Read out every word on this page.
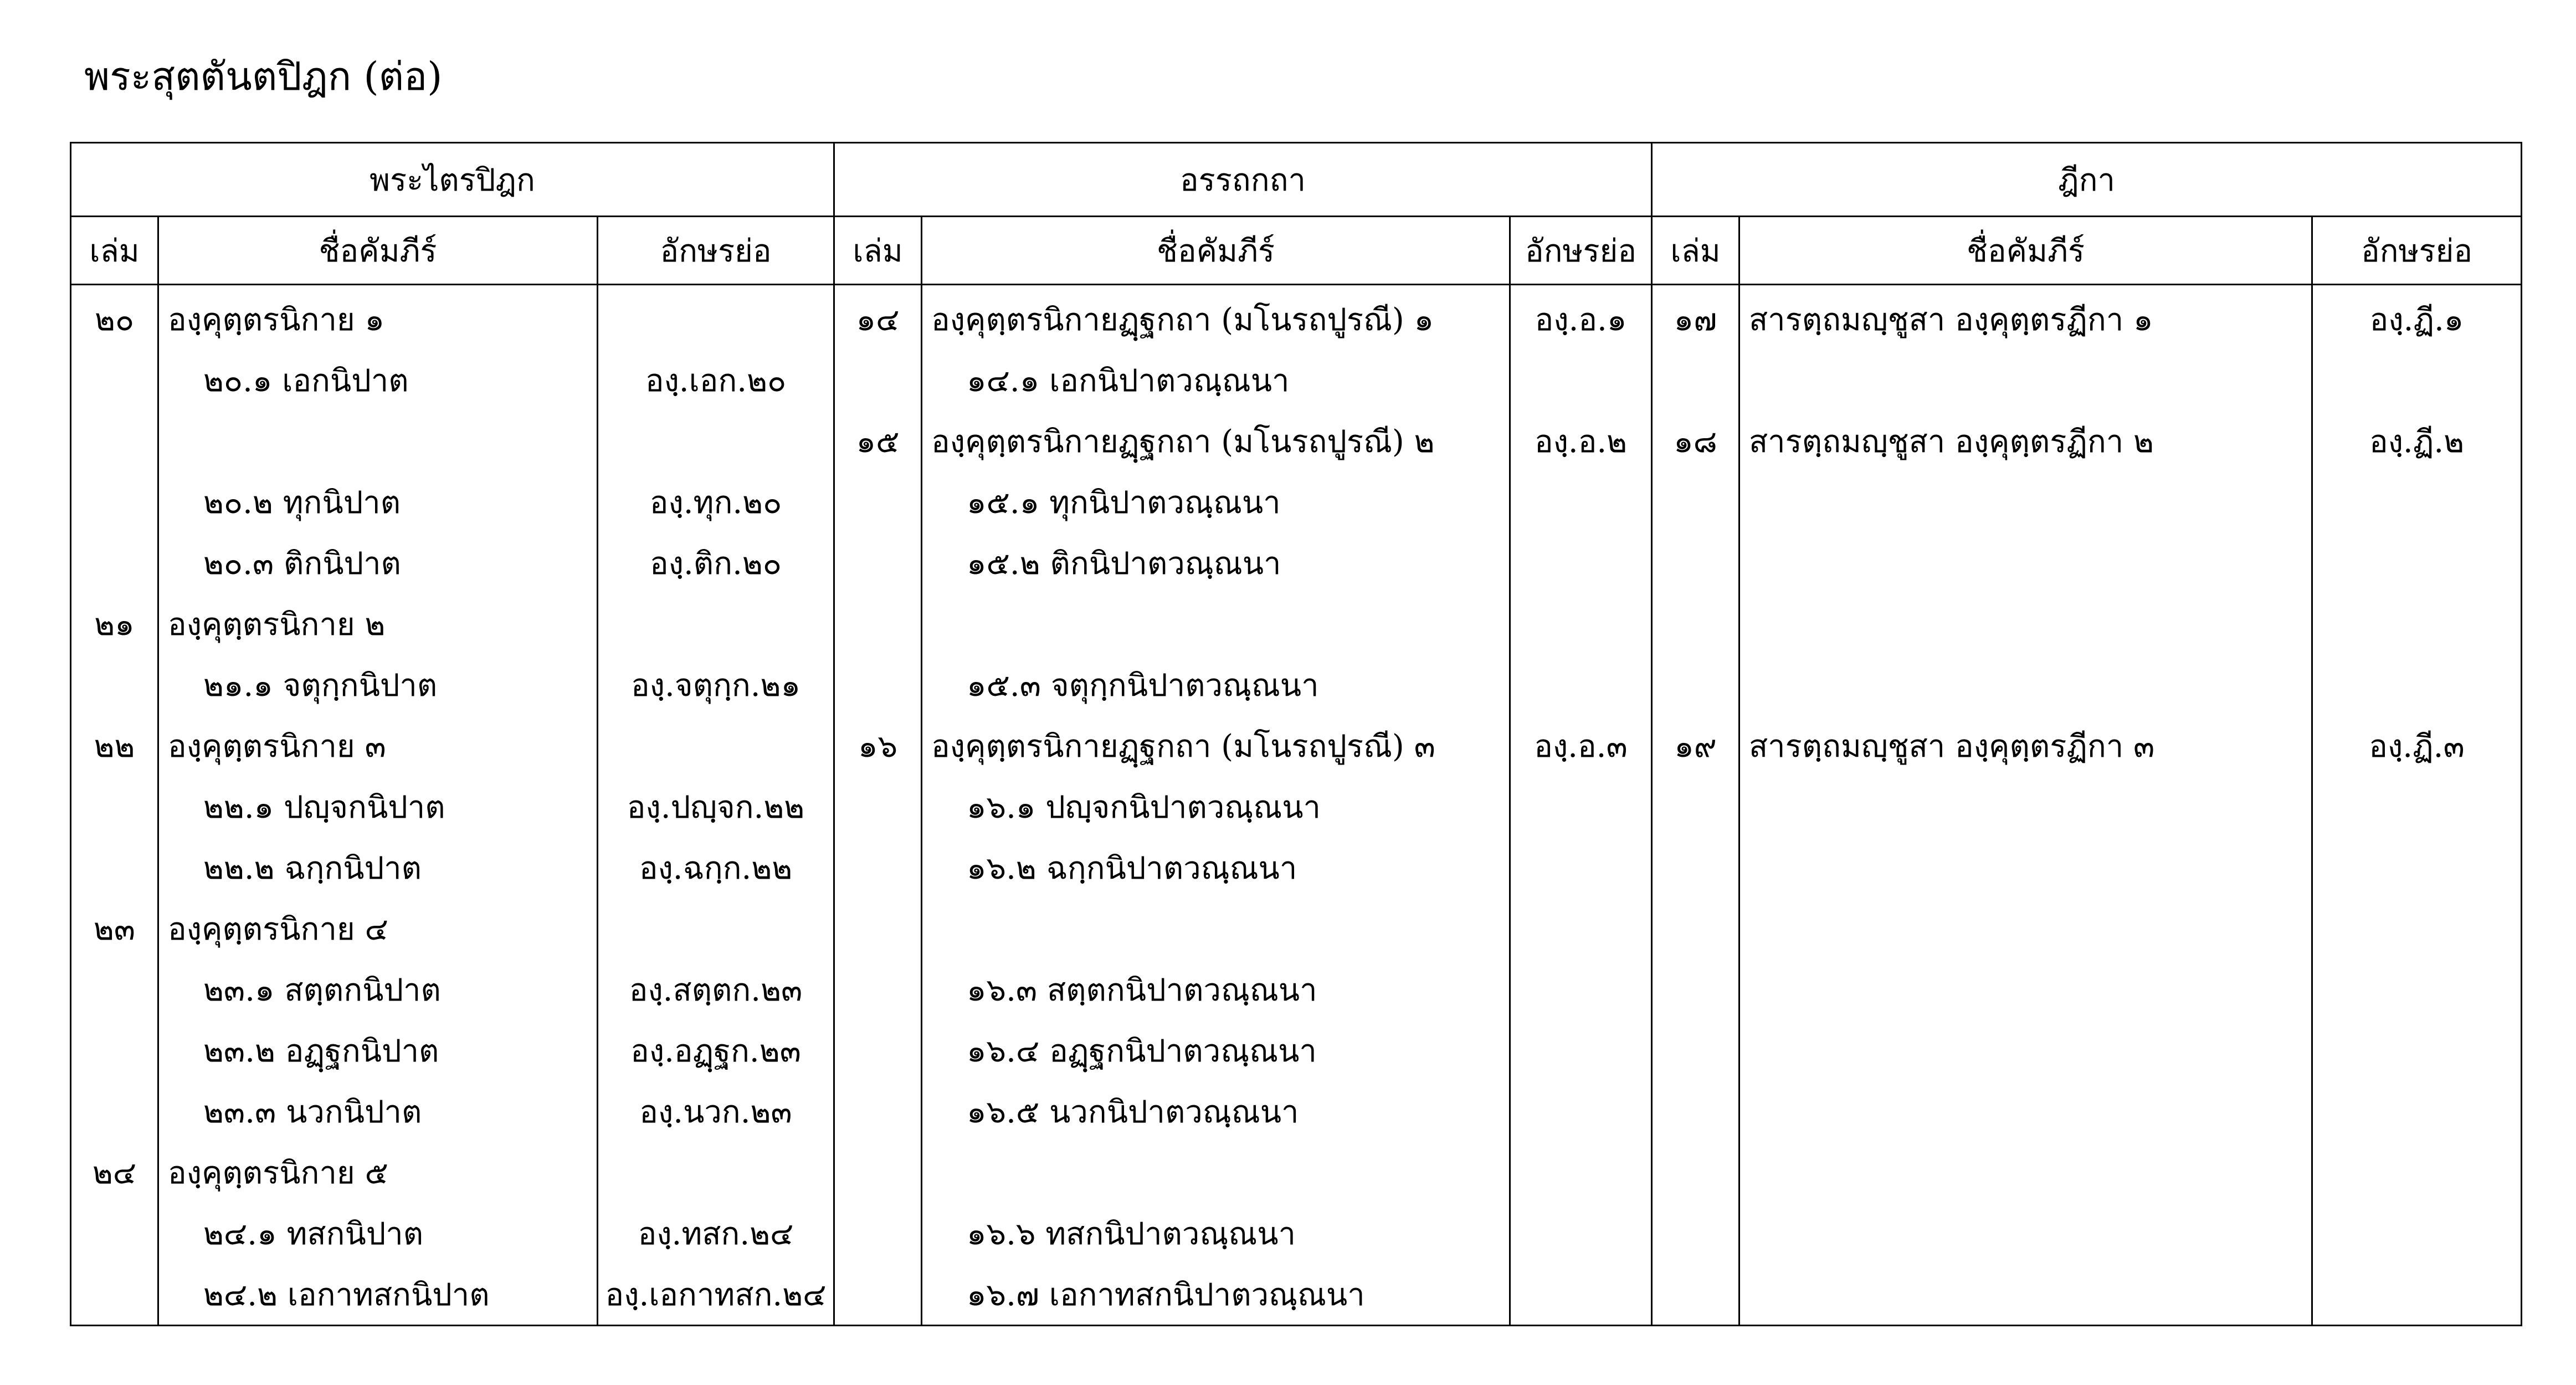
พระสุตตันตปิฎก (ต่อ)
พระไตรปิฎก			อรรถกถา			ฎีกา		
เล่ม	ชื่อคัมภีร์	อักษรย่อ	เล่ม	ชื่อคัมภีร์	อักษรย่อ	เล่ม	ชื่อคัมภีร์	อักษรย่อ
๒๐	องฺคุตฺตรนิกาย ๑		๑๔	องฺคุตฺตรนิกายฏฺฐกถา (มโนรถปูรณี) ๑	องฺ.อ.๑	๑๗	สารตฺถมญฺชูสา องฺคุตฺตรฏีกา ๑	องฺ.ฏี.๑
	๒๐.๑ เอกนิปาต	องฺ.เอก.๒๐		๑๔.๑ เอกนิปาตวณฺณนา				
			๑๕	องฺคุตฺตรนิกายฏฺฐกถา (มโนรถปูรณี) ๒	องฺ.อ.๒	๑๘	สารตฺถมญฺชูสา องฺคุตฺตรฏีกา ๒	องฺ.ฏี.๒
	๒๐.๒ ทุกนิปาต	องฺ.ทุก.๒๐		๑๕.๑ ทุกนิปาตวณฺณนา				
	๒๐.๓ ติกนิปาต	องฺ.ติก.๒๐		๑๕.๒ ติกนิปาตวณฺณนา				
๒๑	องฺคุตฺตรนิกาย ๒							
	๒๑.๑ จตุกฺกนิปาต	องฺ.จตุกฺก.๒๑		๑๕.๓ จตุกฺกนิปาตวณฺณนา				
๒๒	องฺคุตฺตรนิกาย ๓		๑๖	องฺคุตฺตรนิกายฏฺฐกถา (มโนรถปูรณี) ๓	องฺ.อ.๓	๑๙	สารตฺถมญฺชูสา องฺคุตฺตรฏีกา ๓	องฺ.ฏี.๓
	๒๒.๑ ปญฺจกนิปาต	องฺ.ปญฺจก.๒๒		๑๖.๑ ปญฺจกนิปาตวณฺณนา				
	๒๒.๒ ฉกฺกนิปาต	องฺ.ฉกฺก.๒๒		๑๖.๒ ฉกฺกนิปาตวณฺณนา				
๒๓	องฺคุตฺตรนิกาย ๔							
	๒๓.๑ สตฺตกนิปาต	องฺ.สตฺตก.๒๓		๑๖.๓ สตฺตกนิปาตวณฺณนา				
	๒๓.๒ อฏฺฐกนิปาต	องฺ.อฏฺฐก.๒๓		๑๖.๔ อฏฺฐกนิปาตวณฺณนา				
	๒๓.๓ นวกนิปาต	องฺ.นวก.๒๓		๑๖.๕ นวกนิปาตวณฺณนา				
๒๔	องฺคุตฺตรนิกาย ๕							
	๒๔.๑ ทสกนิปาต	องฺ.ทสก.๒๔		๑๖.๖ ทสกนิปาตวณฺณนา				
	๒๔.๒ เอกาทสกนิปาต	องฺ.เอกาทสก.๒๔		๑๖.๗ เอกาทสกนิปาตวณฺณนา				
